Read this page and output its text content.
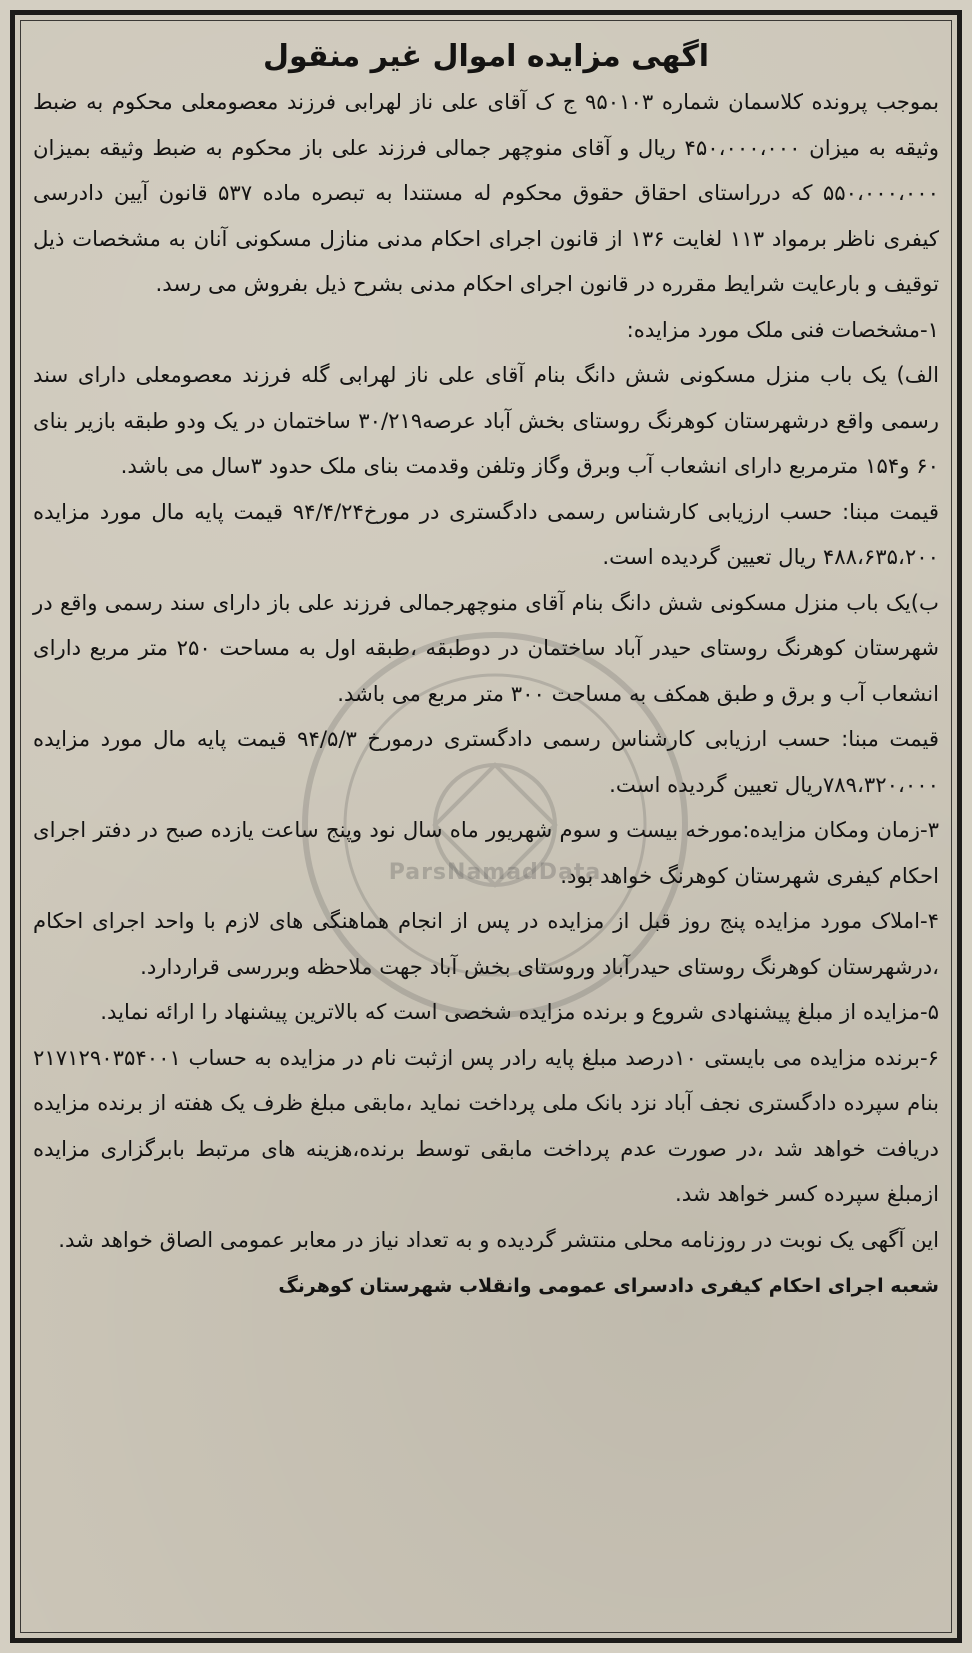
ParsNamadData
اگهی مزایده اموال غیر منقول

بموجب پرونده کلاسمان شماره ۹۵۰۱۰۳ ج ک آقای علی ناز لهرابی فرزند معصومعلی محکوم به ضبط وثیقه به میزان ۴۵۰،۰۰۰،۰۰۰ ریال و آقای منوچهر جمالی فرزند علی باز محکوم به ضبط وثیقه بمیزان ۵۵۰،۰۰۰،۰۰۰ که درراستای احقاق حقوق محکوم له مستندا به تبصره ماده ۵۳۷ قانون آیین دادرسی کیفری ناظر برمواد ۱۱۳ لغایت ۱۳۶ از قانون اجرای احکام مدنی منازل مسکونی آنان به مشخصات ذیل توقیف و بارعایت شرایط مقرره در قانون اجرای احکام مدنی بشرح ذیل بفروش می رسد.

۱-مشخصات فنی ملک مورد مزایده:

الف) یک باب منزل مسکونی شش دانگ بنام آقای علی ناز لهرابی گله فرزند معصومعلی دارای سند رسمی واقع درشهرستان کوهرنگ روستای بخش آباد عرصه۳۰/۲۱۹ ساختمان در یک ودو طبقه بازیر بنای ۶۰ و۱۵۴ مترمربع دارای انشعاب آب وبرق وگاز وتلفن وقدمت بنای ملک حدود ۳سال می باشد.

قیمت مبنا: حسب ارزیابی کارشناس رسمی دادگستری در مورخ۹۴/۴/۲۴ قیمت پایه مال مورد مزایده ۴۸۸،۶۳۵،۲۰۰ ریال تعیین گردیده است.

ب)یک باب منزل مسکونی شش دانگ بنام آقای منوچهرجمالی فرزند علی باز دارای سند رسمی واقع در شهرستان کوهرنگ روستای حیدر آباد ساختمان در دوطبقه ،طبقه اول به مساحت ۲۵۰ متر مربع دارای انشعاب آب و برق و طبق همکف به مساحت ۳۰۰ متر مربع می باشد.

قیمت مبنا: حسب ارزیابی کارشناس رسمی دادگستری درمورخ ۹۴/۵/۳ قیمت پایه مال مورد مزایده ۷۸۹،۳۲۰،۰۰۰ریال تعیین گردیده است.

۳-زمان ومکان مزایده:مورخه بیست و سوم شهریور ماه سال نود وپنج ساعت یازده صبح در دفتر اجرای احکام کیفری شهرستان کوهرنگ خواهد بود.

۴-املاک مورد مزایده پنج روز قبل از مزایده در پس از انجام هماهنگی های لازم با واحد اجرای احکام ،درشهرستان کوهرنگ روستای حیدرآباد وروستای بخش آباد جهت ملاحظه وبررسی قراردارد.

۵-مزایده از مبلغ پیشنهادی شروع و برنده مزایده شخصی است که بالاترین پیشنهاد را ارائه نماید.

۶-برنده مزایده می بایستی ۱۰درصد مبلغ پایه رادر پس ازثبت نام در مزایده به حساب ۲۱۷۱۲۹۰۳۵۴۰۰۱ بنام سپرده دادگستری نجف آباد نزد بانک ملی پرداخت نماید ،مابقی مبلغ ظرف یک هفته از برنده مزایده دریافت خواهد شد ،در صورت عدم پرداخت مابقی توسط برنده،هزینه های مرتبط بابرگزاری مزایده ازمبلغ سپرده کسر خواهد شد.

این آگهی یک نوبت در روزنامه محلی منتشر گردیده و به تعداد نیاز در معابر عمومی الصاق خواهد شد.

شعبه اجرای احکام کیفری دادسرای عمومی وانقلاب شهرستان کوهرنگ
